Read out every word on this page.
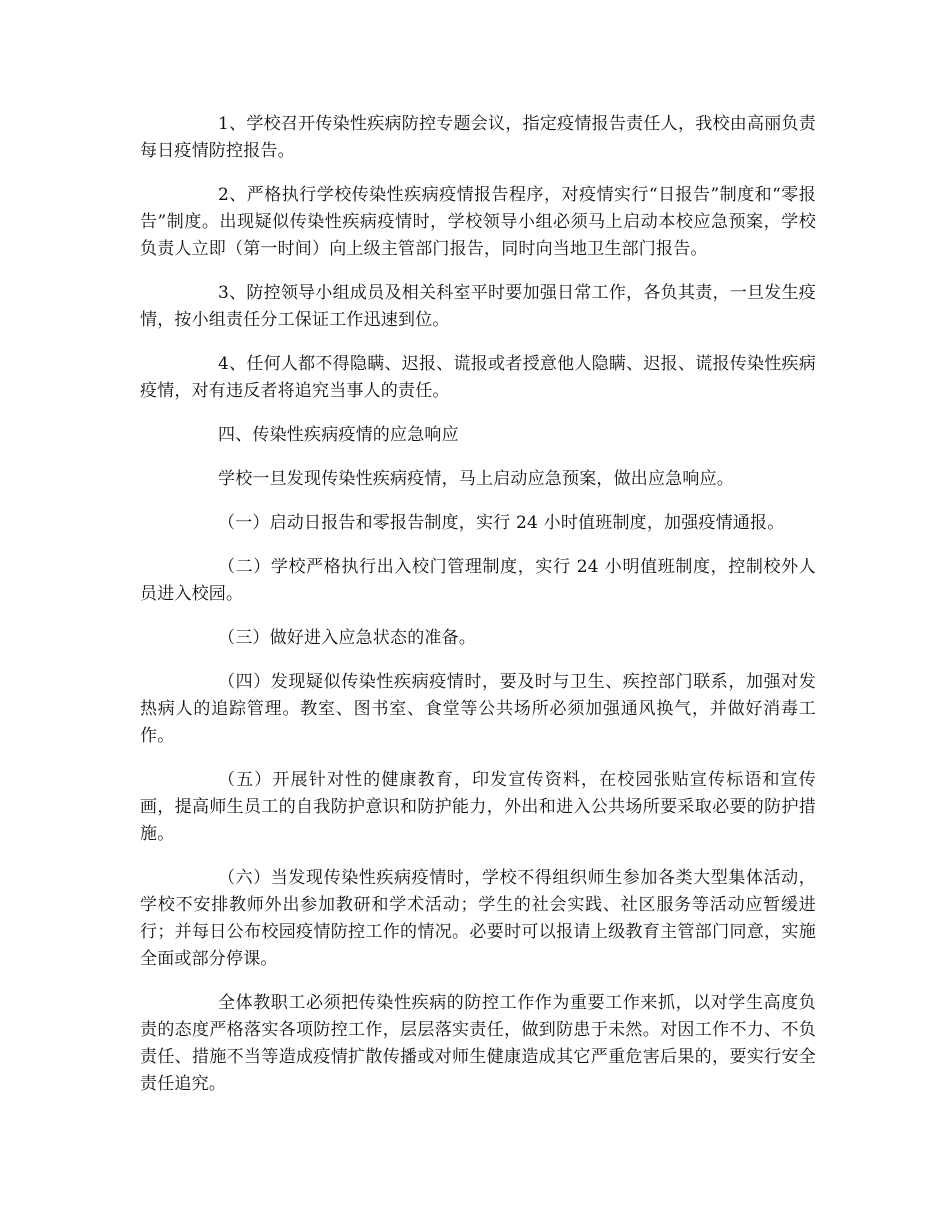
1、学校召开传染性疾病防控专题会议，指定疫情报告责任人，我校由高丽负责每日疫情防控报告。

2、严格执行学校传染性疾病疫情报告程序，对疫情实行“日报告”制度和“零报告”制度。出现疑似传染性疾病疫情时，学校领导小组必须马上启动本校应急预案，学校负责人立即（第一时间）向上级主管部门报告，同时向当地卫生部门报告。

3、防控领导小组成员及相关科室平时要加强日常工作，各负其责，一旦发生疫情，按小组责任分工保证工作迅速到位。

4、任何人都不得隐瞒、迟报、谎报或者授意他人隐瞒、迟报、谎报传染性疾病疫情，对有违反者将追究当事人的责任。

四、传染性疾病疫情的应急响应

学校一旦发现传染性疾病疫情，马上启动应急预案，做出应急响应。

（一）启动日报告和零报告制度，实行 24 小时值班制度，加强疫情通报。

（二）学校严格执行出入校门管理制度，实行 24 小明值班制度，控制校外人员进入校园。

（三）做好进入应急状态的准备。

（四）发现疑似传染性疾病疫情时，要及时与卫生、疾控部门联系，加强对发热病人的追踪管理。教室、图书室、食堂等公共场所必须加强通风换气，并做好消毒工作。

（五）开展针对性的健康教育，印发宣传资料，在校园张贴宣传标语和宣传画，提高师生员工的自我防护意识和防护能力，外出和进入公共场所要采取必要的防护措施。

（六）当发现传染性疾病疫情时，学校不得组织师生参加各类大型集体活动，学校不安排教师外出参加教研和学术活动；学生的社会实践、社区服务等活动应暂缓进行；并每日公布校园疫情防控工作的情况。必要时可以报请上级教育主管部门同意，实施全面或部分停课。

全体教职工必须把传染性疾病的防控工作作为重要工作来抓，以对学生高度负责的态度严格落实各项防控工作，层层落实责任，做到防患于未然。对因工作不力、不负责任、措施不当等造成疫情扩散传播或对师生健康造成其它严重危害后果的，要实行安全责任追究。
